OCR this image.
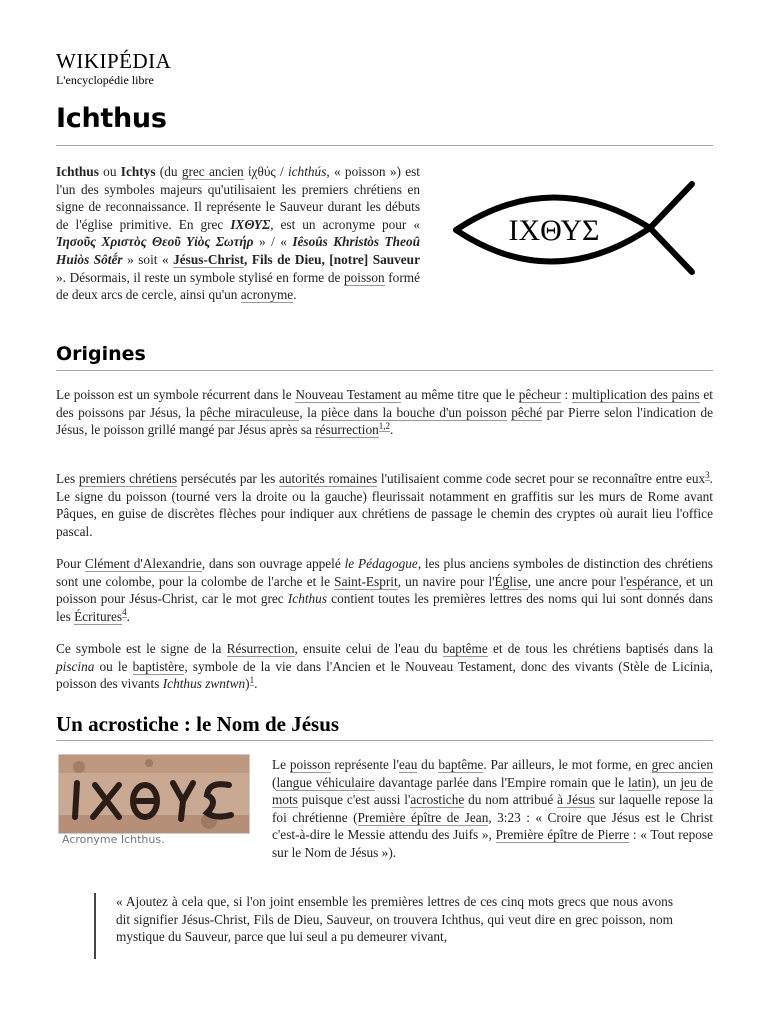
WIKIPÉDIA
L'encyclopédie libre
Ichthus
Ichthus ou Ichtys (du grec ancien ἰχθύς / ichthús, « poisson ») est l'un des symboles majeurs qu'utilisaient les premiers chrétiens en signe de reconnaissance. Il représente le Sauveur durant les débuts de l'église primitive. En grec ΙΧΘΥΣ, est un acronyme pour « Ἰησοῦς Χριστὸς Θεοῦ Υἱὸς Σωτήρ » / « Iêsoûs Khristòs Theoû Huiòs Sôtḗr » soit « Jésus-Christ, Fils de Dieu, [notre] Sauveur ». Désormais, il reste un symbole stylisé en forme de poisson formé de deux arcs de cercle, ainsi qu'un acronyme.
ΙΧΘΥΣ
Origines
Le poisson est un symbole récurrent dans le Nouveau Testament au même titre que le pêcheur : multiplication des pains et des poissons par Jésus, la pêche miraculeuse, la pièce dans la bouche d'un poisson pêché par Pierre selon l'indication de Jésus, le poisson grillé mangé par Jésus après sa résurrection$^{1,2}$.
Les premiers chrétiens persécutés par les autorités romaines l'utilisaient comme code secret pour se reconnaître entre eux$^3$. Le signe du poisson (tourné vers la droite ou la gauche) fleurissait notamment en graffitis sur les murs de Rome avant Pâques, en guise de discrètes flèches pour indiquer aux chrétiens de passage le chemin des cryptes où aurait lieu l'office pascal.
Pour Clément d'Alexandrie, dans son ouvrage appelé le Pédagogue, les plus anciens symboles de distinction des chrétiens sont une colombe, pour la colombe de l'arche et le Saint-Esprit, un navire pour l'Église, une ancre pour l'espérance, et un poisson pour Jésus-Christ, car le mot grec Ichthus contient toutes les premières lettres des noms qui lui sont donnés dans les Écritures$^4$.
Ce symbole est le signe de la Résurrection, ensuite celui de l'eau du baptême et de tous les chrétiens baptisés dans la piscina ou le baptistère, symbole de la vie dans l'Ancien et le Nouveau Testament, donc des vivants (Stèle de Licinia, poisson des vivants Ichthus zwntwn)$^1$.
Un acrostiche : le Nom de Jésus
Acronyme Ichthus.
Le poisson représente l'eau du baptême. Par ailleurs, le mot forme, en grec ancien (langue véhiculaire davantage parlée dans l'Empire romain que le latin), un jeu de mots puisque c'est aussi l'acrostiche du nom attribué à Jésus sur laquelle repose la foi chrétienne (Première épître de Jean, 3:23 : « Croire que Jésus est le Christ c'est-à-dire le Messie attendu des Juifs », Première épître de Pierre : « Tout repose sur le Nom de Jésus »).
« Ajoutez à cela que, si l'on joint ensemble les premières lettres de ces cinq mots grecs que nous avons dit signifier Jésus-Christ, Fils de Dieu, Sauveur, on trouvera Ichthus, qui veut dire en grec poisson, nom mystique du Sauveur, parce que lui seul a pu demeurer vivant,
